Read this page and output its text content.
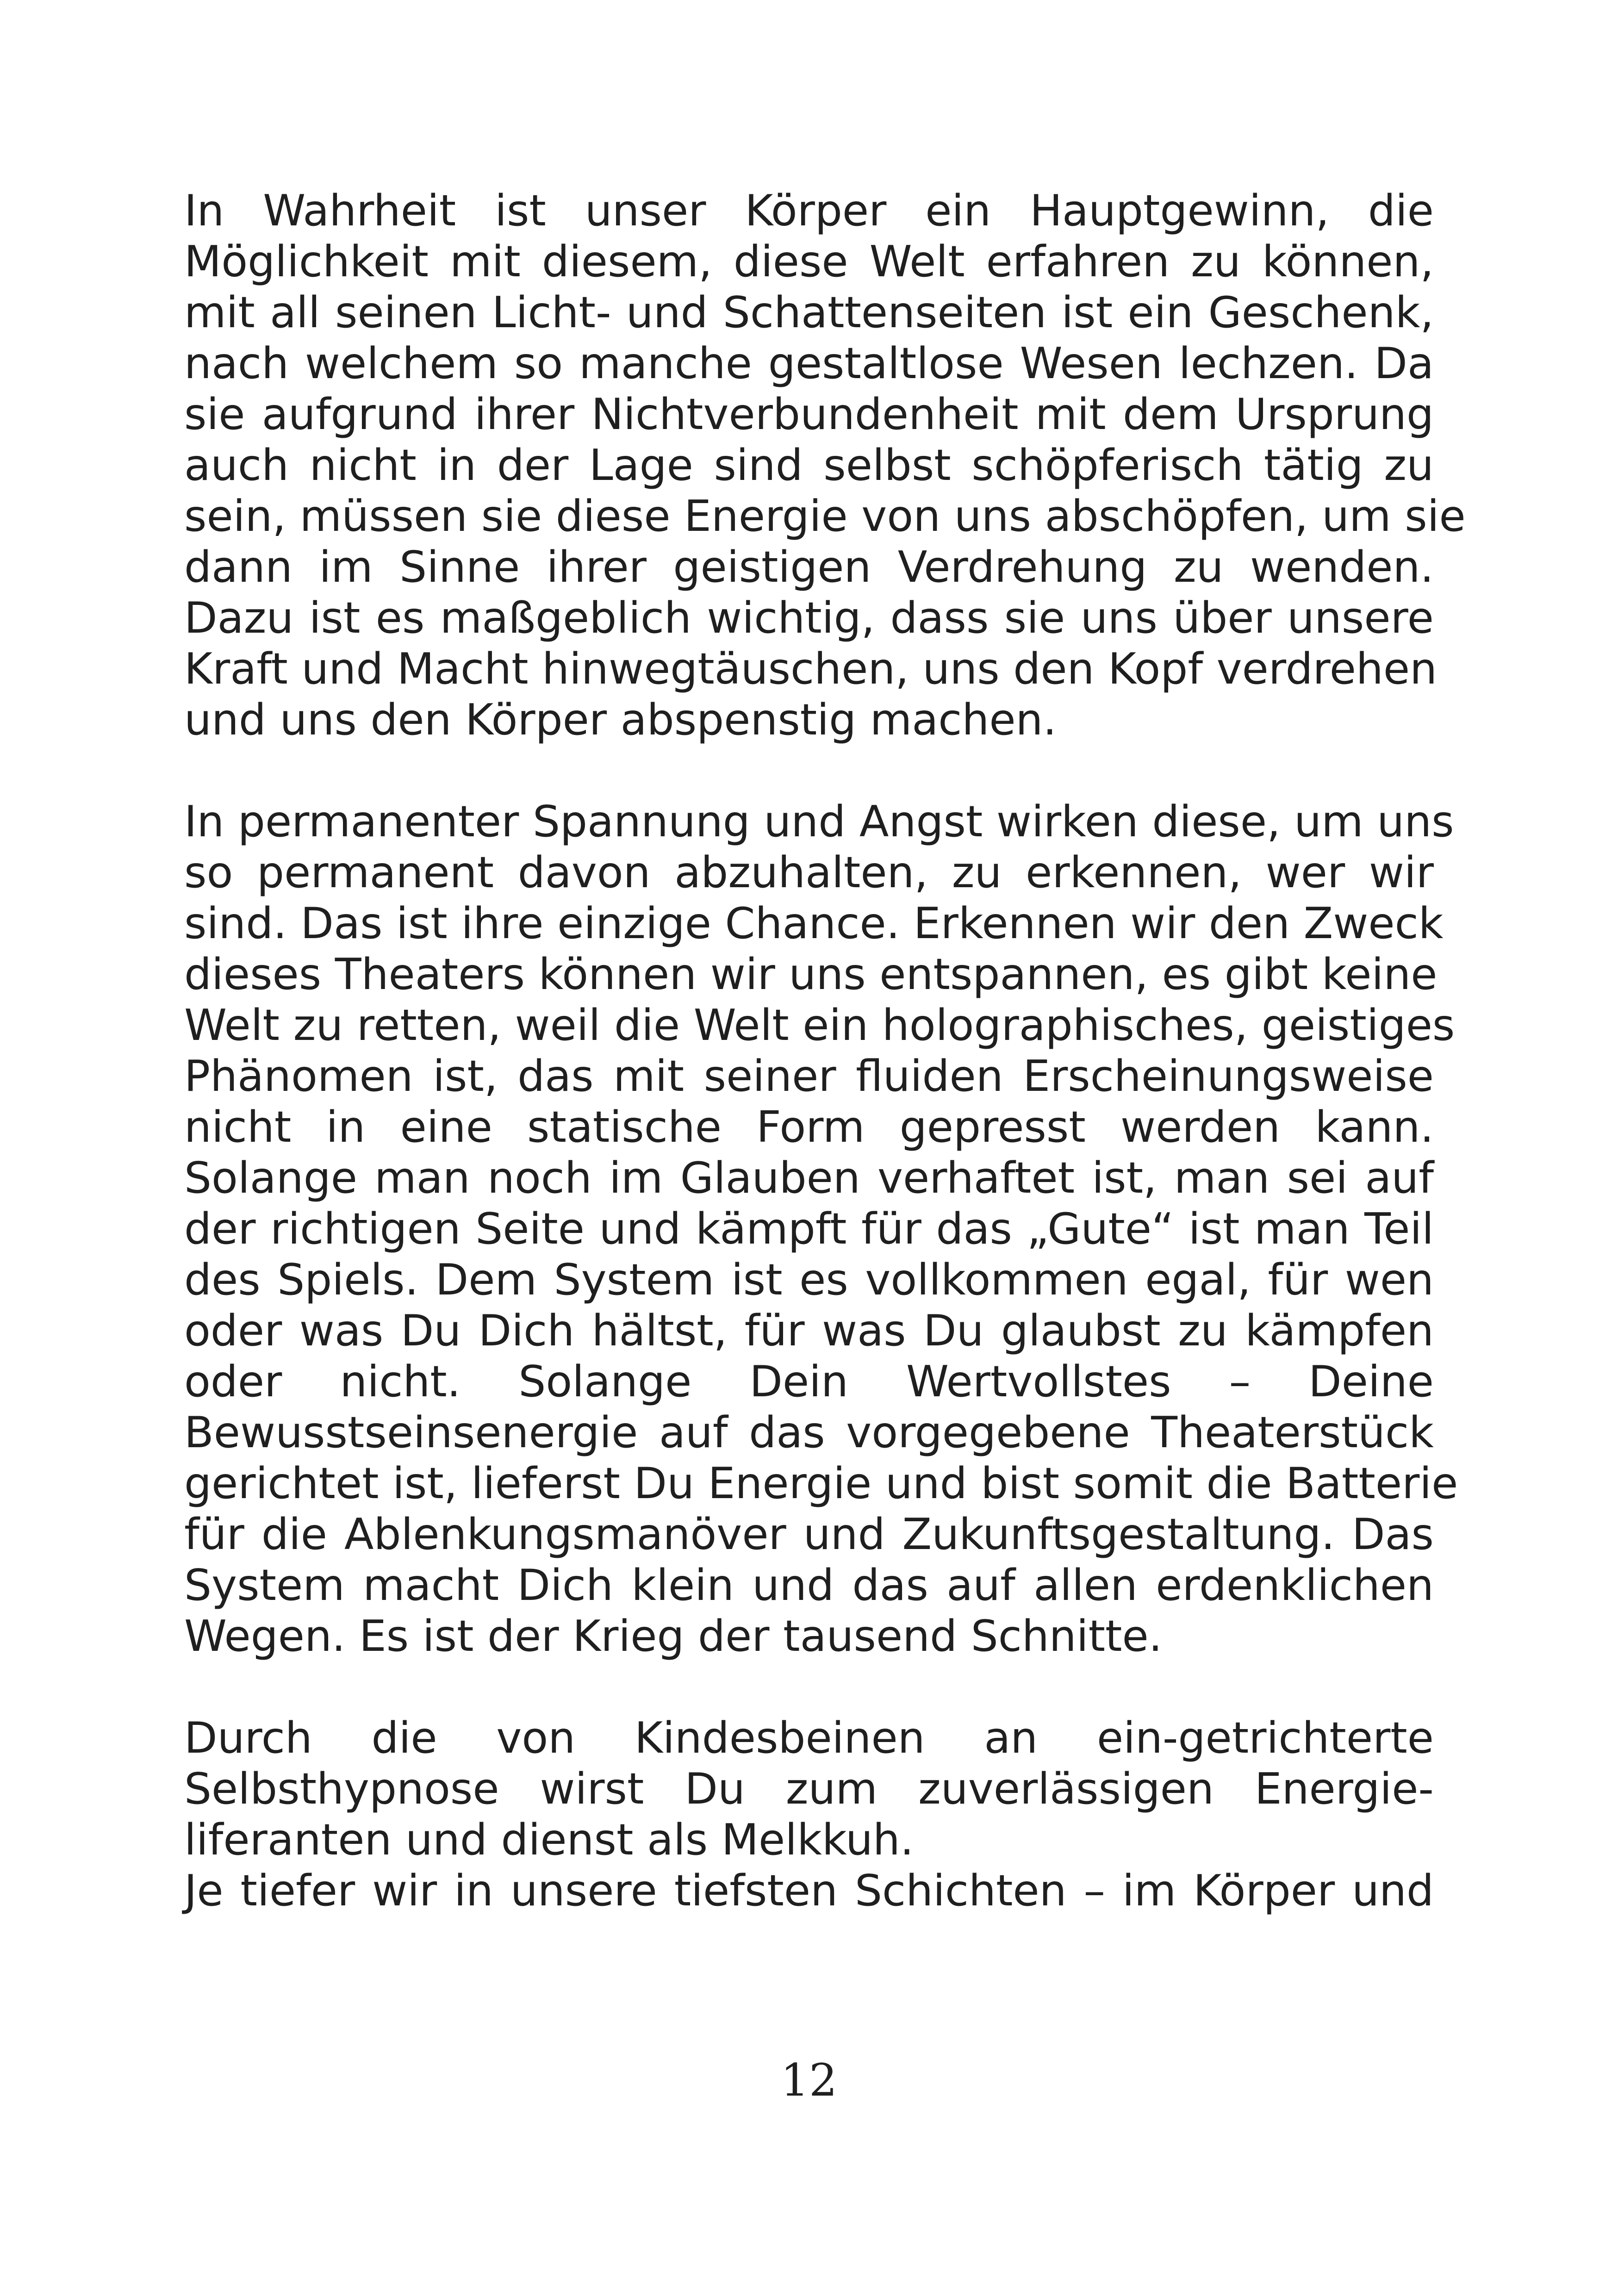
In Wahrheit ist unser Körper ein Hauptgewinn, die
Möglichkeit mit diesem, diese Welt erfahren zu können,
mit all seinen Licht- und Schattenseiten ist ein Geschenk,
nach welchem so manche gestaltlose Wesen lechzen. Da
sie aufgrund ihrer Nichtverbundenheit mit dem Ursprung
auch nicht in der Lage sind selbst schöpferisch tätig zu
sein, müssen sie diese Energie von uns abschöpfen, um sie
dann im Sinne ihrer geistigen Verdrehung zu wenden.
Dazu ist es maßgeblich wichtig, dass sie uns über unsere
Kraft und Macht hinwegtäuschen, uns den Kopf verdrehen
und uns den Körper abspenstig machen.
In permanenter Spannung und Angst wirken diese, um uns
so permanent davon abzuhalten, zu erkennen, wer wir
sind. Das ist ihre einzige Chance. Erkennen wir den Zweck
dieses Theaters können wir uns entspannen, es gibt keine
Welt zu retten, weil die Welt ein holographisches, geistiges
Phänomen ist, das mit seiner fluiden Erscheinungsweise
nicht in eine statische Form gepresst werden kann.
Solange man noch im Glauben verhaftet ist, man sei auf
der richtigen Seite und kämpft für das „Gute“ ist man Teil
des Spiels. Dem System ist es vollkommen egal, für wen
oder was Du Dich hältst, für was Du glaubst zu kämpfen
oder nicht. Solange Dein Wertvollstes – Deine
Bewusstseinsenergie auf das vorgegebene Theaterstück
gerichtet ist, lieferst Du Energie und bist somit die Batterie
für die Ablenkungsmanöver und Zukunftsgestaltung. Das
System macht Dich klein und das auf allen erdenklichen
Wegen. Es ist der Krieg der tausend Schnitte.
Durch die von Kindesbeinen an ein-getrichterte
Selbsthypnose wirst Du zum zuverlässigen Energie-
liferanten und dienst als Melkkuh.
Je tiefer wir in unsere tiefsten Schichten – im Körper und
12
